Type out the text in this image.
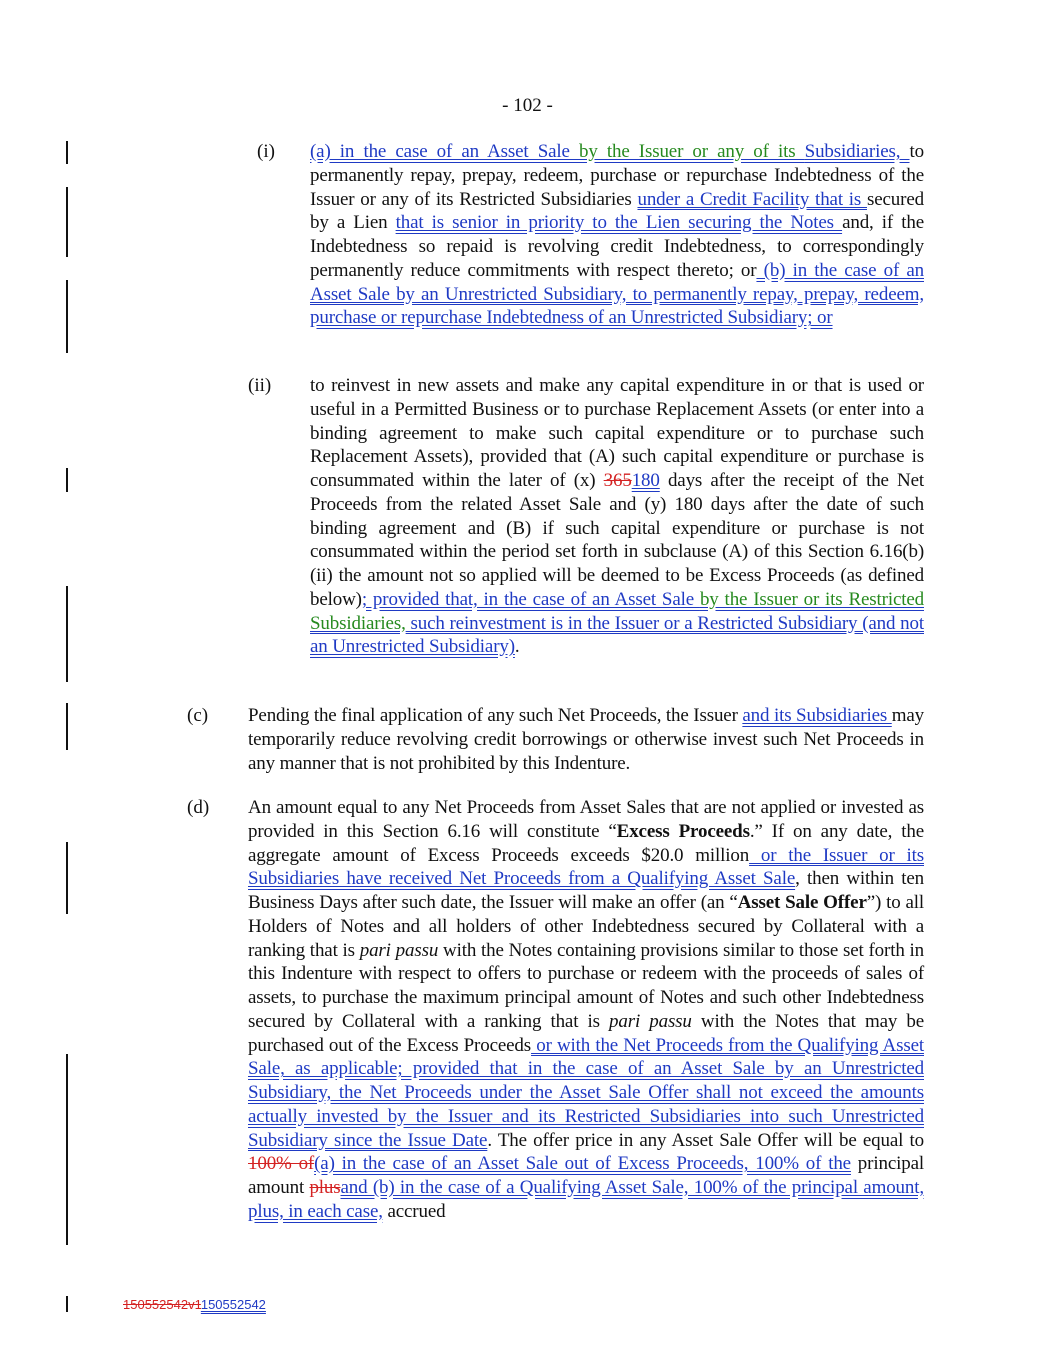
- 102 -
(i) (a) in the case of an Asset Sale by the Issuer or any of its Subsidiaries, to permanently repay, prepay, redeem, purchase or repurchase Indebtedness of the Issuer or any of its Restricted Subsidiaries under a Credit Facility that is secured by a Lien that is senior in priority to the Lien securing the Notes and, if the Indebtedness so repaid is revolving credit Indebtedness, to correspondingly permanently reduce commitments with respect thereto; or (b) in the case of an Asset Sale by an Unrestricted Subsidiary, to permanently repay, prepay, redeem, purchase or repurchase Indebtedness of an Unrestricted Subsidiary; or
(ii) to reinvest in new assets and make any capital expenditure in or that is used or useful in a Permitted Business or to purchase Replacement Assets (or enter into a binding agreement to make such capital expenditure or to purchase such Replacement Assets), provided that (A) such capital expenditure or purchase is consummated within the later of (x) 365180 days after the receipt of the Net Proceeds from the related Asset Sale and (y) 180 days after the date of such binding agreement and (B) if such capital expenditure or purchase is not consummated within the period set forth in subclause (A) of this Section 6.16(b)(ii) the amount not so applied will be deemed to be Excess Proceeds (as defined below); provided that, in the case of an Asset Sale by the Issuer or its Restricted Subsidiaries, such reinvestment is in the Issuer or a Restricted Subsidiary (and not an Unrestricted Subsidiary).
(c) Pending the final application of any such Net Proceeds, the Issuer and its Subsidiaries may temporarily reduce revolving credit borrowings or otherwise invest such Net Proceeds in any manner that is not prohibited by this Indenture.
(d) An amount equal to any Net Proceeds from Asset Sales that are not applied or invested as provided in this Section 6.16 will constitute “Excess Proceeds.” If on any date, the aggregate amount of Excess Proceeds exceeds $20.0 million or the Issuer or its Subsidiaries have received Net Proceeds from a Qualifying Asset Sale, then within ten Business Days after such date, the Issuer will make an offer (an “Asset Sale Offer”) to all Holders of Notes and all holders of other Indebtedness secured by Collateral with a ranking that is pari passu with the Notes containing provisions similar to those set forth in this Indenture with respect to offers to purchase or redeem with the proceeds of sales of assets, to purchase the maximum principal amount of Notes and such other Indebtedness secured by Collateral with a ranking that is pari passu with the Notes that may be purchased out of the Excess Proceeds or with the Net Proceeds from the Qualifying Asset Sale, as applicable; provided that in the case of an Asset Sale by an Unrestricted Subsidiary, the Net Proceeds under the Asset Sale Offer shall not exceed the amounts actually invested by the Issuer and its Restricted Subsidiaries into such Unrestricted Subsidiary since the Issue Date. The offer price in any Asset Sale Offer will be equal to 100% of(a) in the case of an Asset Sale out of Excess Proceeds, 100% of the principal amount plusand (b) in the case of a Qualifying Asset Sale, 100% of the principal amount, plus, in each case, accrued
150552542v1150552542
